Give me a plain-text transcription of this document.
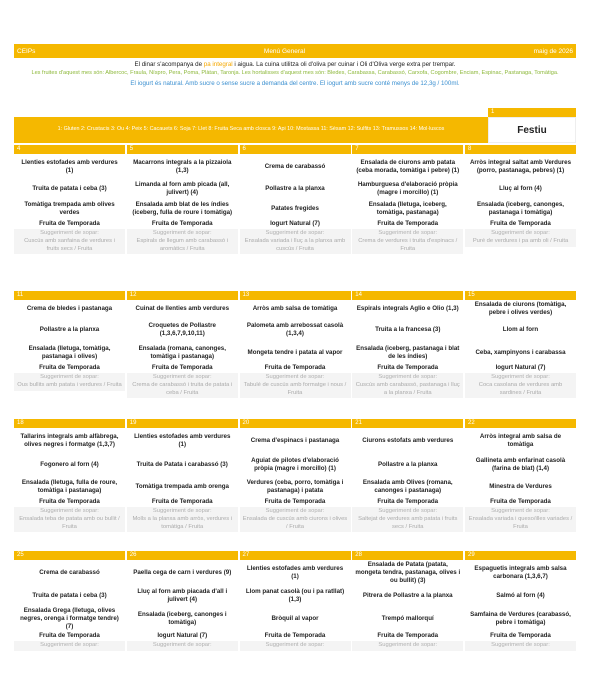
CEIPs	Menú General	maig de 2026
El dinar s'acompanya de pa integral i aigua. La cuina utilitza oli d'oliva per cuinar i Oli d'Oliva verge extra per trempar.
Les fruites d'aquest mes són: Albercoc, Fraula, Níspro, Pera, Poma, Plàtan, Taronja. Les hortalisses d'aquest mes són: Bledes, Carabassa, Carabassó, Carxofa, Cogombre, Enciam, Espinac, Pastanaga, Tomàtiga.
El iogurt és natural. Amb sucre o sense sucre a demanda del centre. El iogurt amb sucre conté menys de 12,3g / 100ml.
1: Gluten 2: Crustacis 3: Ou 4: Peix 5: Cacauets 6: Soja 7: Llet 8: Fruita Seca amb closca 9: Api 10: Mostassa 11: Sèsam 12: Sulfits 13: Tramussos 14: Mol·luscos
1
Festiu
4
Llenties estofades amb verdures (1)
Truita de patata i ceba (3)
Tomàtiga trempada amb olives verdes
Fruita de Temporada
Suggeriment de sopar:
Cuscús amb sanfaina de verdures i fruits secs / Fruita
5
Macarrons integrals a la pizzaiola (1,3)
Limanda al forn amb picada (all, julivert) (4)
Ensalada amb blat de les índies (iceberg, fulla de roure i tomàtiga)
Fruita de Temporada
Suggeriment de sopar:
Espirals de llegum amb carabassó i aromàtics / Fruita
6
Crema de carabassó
Pollastre a la planxa
Patates fregides
Iogurt Natural (7)
Suggeriment de sopar:
Ensalada variada i lluç a la planxa amb cuscús / Fruita
7
Ensalada de ciurons amb patata (ceba morada, tomàtiga i pebre) (1)
Hamburguesa d'elaboració pròpia (magre i morcillo) (1)
Ensalada (lletuga, iceberg, tomàtiga, pastanaga)
Fruita de Temporada
Suggeriment de sopar:
Crema de verdures i truita d'espinacs / Fruita
8
Arròs integral saltat amb Verdures (porro, pastanaga, pebres) (1)
Lluç al forn (4)
Ensalada (iceberg, canonges, pastanaga i tomàtiga)
Fruita de Temporada
Suggeriment de sopar:
Puré de verdures i pa amb oli / Fruita
11
Crema de bledes i pastanaga
Pollastre a la planxa
Ensalada (lletuga, tomàtiga, pastanaga i olives)
Fruita de Temporada
Suggeriment de sopar:
Ous bullits amb patata i verdures / Fruita
12
Cuinat de llenties amb verdures
Croquetes de Pollastre (1,3,6,7,9,10,11)
Ensalada (romana, canonges, tomàtiga i pastanaga)
Fruita de Temporada
Suggeriment de sopar:
Crema de carabassó i truita de patata i ceba / Fruita
13
Arròs amb salsa de tomàtiga
Palometa amb arrebossat casolà (1,3,4)
Mongeta tendre i patata al vapor
Fruita de Temporada
Suggeriment de sopar:
Tabulé de cuscús amb formatge i nous / Fruita
14
Espirals integrals Aglio e Olio (1,3)
Truita a la francesa (3)
Ensalada (iceberg, pastanaga i blat de les índies)
Fruita de Temporada
Suggeriment de sopar:
Cuscús amb carabassó, pastanaga i lluç a la planxa / Fruita
15
Ensalada de ciurons (tomàtiga, pebre i olives verdes)
Llom al forn
Ceba, xampinyons i carabassa
Iogurt Natural (7)
Suggeriment de sopar:
Coca casolana de verdures amb sardines / Fruita
18
Tallarins integrals amb alfàbrega, olives negres i formatge (1,3,7)
Fogonero al forn (4)
Ensalada (lletuga, fulla de roure, tomàtiga i pastanaga)
Fruita de Temporada
Suggeriment de sopar:
Ensalada teba de patata amb ou bullit / Fruita
19
Llenties estofades amb verdures (1)
Truita de Patata i carabassó (3)
Tomàtiga trempada amb orenga
Fruita de Temporada
Suggeriment de sopar:
Molls a la planxa amb arròs, verdures i tomàtiga / Fruita
20
Crema d'espinacs i pastanaga
Aguiat de pilotes d'elaboració pròpia (magre i morcillo) (1)
Verdures (ceba, porro, tomàtiga i pastanaga) i patata
Fruita de Temporada
Suggeriment de sopar:
Ensalada de cuscús amb ciurons i olives / Fruita
21
Ciurons estofats amb verdures
Pollastre a la planxa
Ensalada amb Olives (romana, canonges i pastanaga)
Fruita de Temporada
Suggeriment de sopar:
Saltejat de verdures amb patata i fruits secs / Fruita
22
Arròs integral amb salsa de tomàtiga
Gallineta amb enfarinat casolà (farina de blat) (1,4)
Minestra de Verdures
Fruita de Temporada
Suggeriment de sopar:
Ensalada variada i queso/illes variades / Fruita
25
Crema de carabassó
Truita de patata i ceba (3)
Ensalada Grega (lletuga, olives negres, orenga i formatge tendre) (7)
Fruita de Temporada
Suggeriment de sopar:
26
Paella cega de carn i verdures (9)
Lluç al forn amb piacada d'all i julivert (4)
Ensalada (iceberg, canonges i tomàtiga)
Iogurt Natural (7)
Suggeriment de sopar:
27
Llenties estofades amb verdures (1)
Llom panat casolà (ou i pa ratllat) (1,3)
Bròquil al vapor
Fruita de Temporada
Suggeriment de sopar:
28
Ensalada de Patata (patata, mongeta tendra, pastanaga, olives i ou bullit) (3)
Pitrera de Pollastre a la planxa
Trempó mallorquí
Fruita de Temporada
Suggeriment de sopar:
29
Espaguetis integrals amb salsa carbonara (1,3,6,7)
Salmó al forn (4)
Samfaina de Verdures (carabassó, pebre i tomàtiga)
Fruita de Temporada
Suggeriment de sopar:
